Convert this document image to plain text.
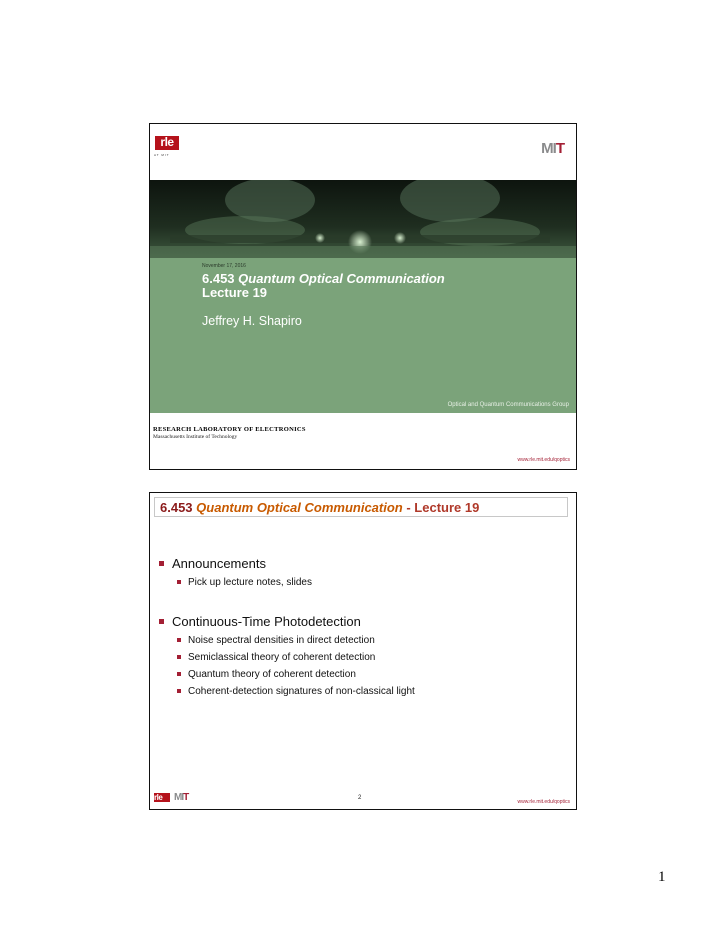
rle
AT MIT	MIT
November 17, 2016
6.453 Quantum Optical Communication
Lecture 19
Jeffrey H. Shapiro
Optical and Quantum Communications Group
RESEARCH LABORATORY OF ELECTRONICS
Massachusetts Institute of Technology
www.rle.mit.edu/qoptics
6.453 Quantum Optical Communication - Lecture 19
Announcements
Pick up lecture notes, slides
Continuous-Time Photodetection
Noise spectral densities in direct detection
Semiclassical theory of coherent detection
Quantum theory of coherent detection
Coherent-detection signatures of non-classical light
rle	MIT	2
www.rle.mit.edu/qoptics
1
